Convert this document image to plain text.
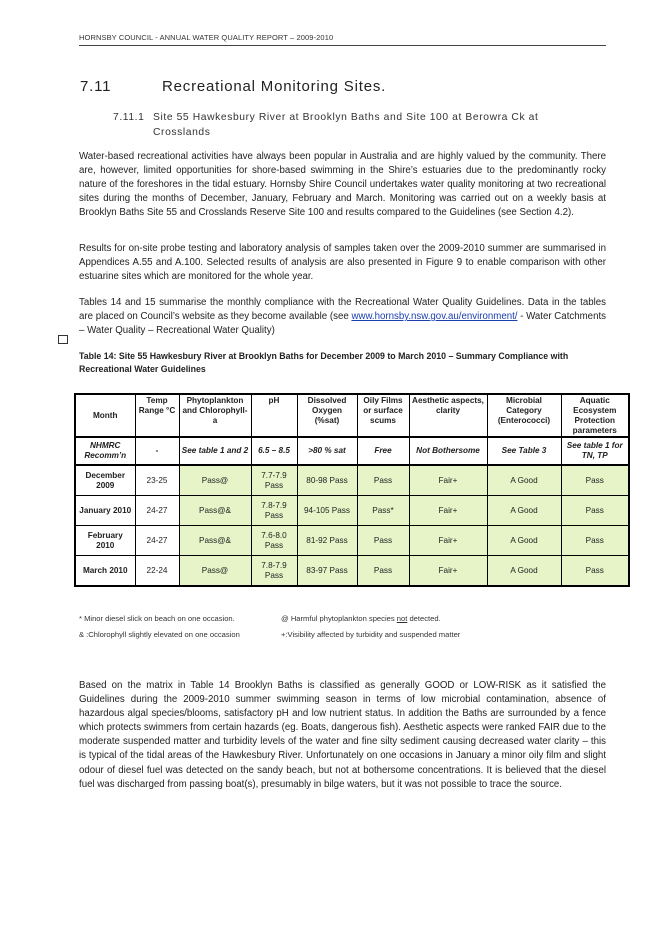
HORNSBY COUNCIL - ANNUAL WATER QUALITY REPORT – 2009-2010
7.11	Recreational Monitoring Sites.
7.11.1 Site 55 Hawkesbury River at Brooklyn Baths and Site 100 at Berowra Ck at
Crosslands

Water-based recreational activities have always been popular in Australia and are highly valued by the community. There are, however, limited opportunities for shore-based swimming in the Shire’s estuaries due to the predominantly rocky nature of the foreshores in the tidal estuary. Hornsby Shire Council undertakes water quality monitoring at two recreational sites during the months of December, January, February and March. Monitoring was carried out on a weekly basis at Brooklyn Baths Site 55 and Crosslands Reserve Site 100 and results compared to the Guidelines (see Section 4.2).

Results for on-site probe testing and laboratory analysis of samples taken over the 2009-2010 summer are summarised in Appendices A.55 and A.100. Selected results of analysis are also presented in Figure 9 to enable comparison with other estuarine sites which are monitored for the whole year.

Tables 14 and 15 summarise the monthly compliance with the Recreational Water Quality Guidelines. Data in the tables are placed on Council’s website as they become available (see www.hornsby.nsw.gov.au/environment/ - Water Catchments – Water Quality – Recreational Water Quality)

Table 14: Site 55 Hawkesbury River at Brooklyn Baths for December 2009 to March 2010 – Summary Compliance with Recreational Water Guidelines
Month	Temp Range °C	Phytoplankton and Chlorophyll-a	pH	Dissolved Oxygen (%sat)	Oily Films or surface scums	Aesthetic aspects, clarity	Microbial Category (Enterococci)	Aquatic Ecosystem Protection parameters
NHMRC Recomm’n	-	See table 1 and 2	6.5 – 8.5	>80 % sat	Free	Not Bothersome	See Table 3	See table 1 for TN, TP
December 2009	23-25	Pass@	7.7-7.9 Pass	80-98 Pass	Pass	Fair+	A Good	Pass
January 2010	24-27	Pass@&	7.8-7.9 Pass	94-105 Pass	Pass*	Fair+	A Good	Pass
February 2010	24-27	Pass@&	7.6-8.0 Pass	81-92 Pass	Pass	Fair+	A Good	Pass
March 2010	22-24	Pass@	7.8-7.9 Pass	83-97 Pass	Pass	Fair+	A Good	Pass
* Minor diesel slick on beach on one occasion.	@ Harmful phytoplankton species not detected.
& :Chlorophyll slightly elevated on one occasion	+:Visibility affected by turbidity and suspended matter

Based on the matrix in Table 14 Brooklyn Baths is classified as generally GOOD or LOW-RISK as it satisfied the Guidelines during the 2009-2010 summer swimming season in terms of low microbial contamination, absence of hazardous algal species/blooms, satisfactory pH and low nutrient status. In addition the Baths are surrounded by a fence which protects swimmers from certain hazards (eg. Boats, dangerous fish). Aesthetic aspects were ranked FAIR due to the moderate suspended matter and turbidity levels of the water and fine silty sediment causing decreased water clarity – this is typical of the tidal areas of the Hawkesbury River. Unfortunately on one occasions in January a minor oily film and slight odour of diesel fuel was detected on the sandy beach, but not at bothersome concentrations. It is believed that the diesel fuel was discharged from passing boat(s), presumably in bilge waters, but it was not possible to trace the source.
